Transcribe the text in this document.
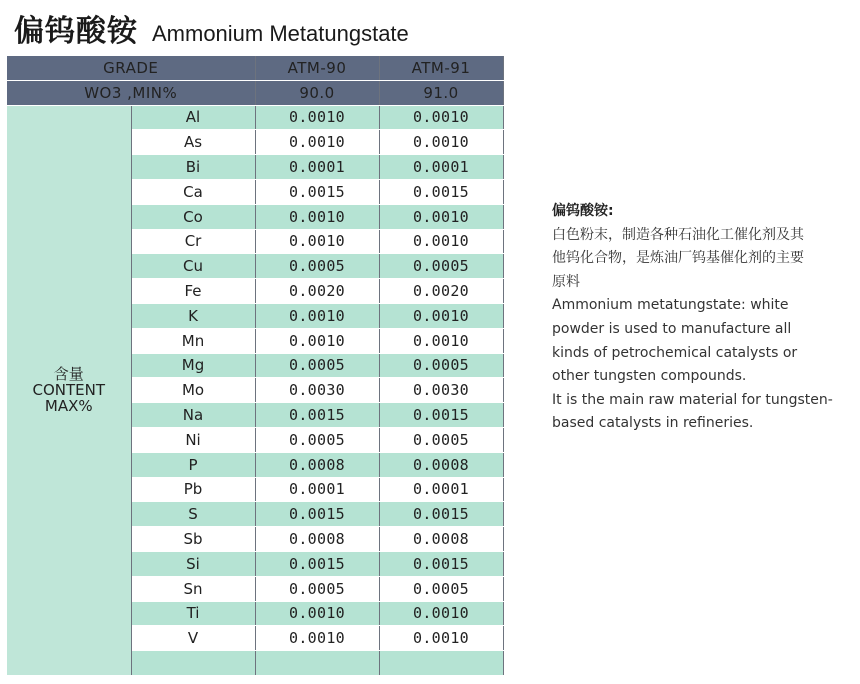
偏钨酸铵 Ammonium Metatungstate
GRADE		ATM-90	ATM-91
WO3 ,MIN%		90.0	91.0

含量
CONTENT
MAX%	Al	0.0010	0.0010
	As	0.0010	0.0010
	Bi	0.0001	0.0001
	Ca	0.0015	0.0015
	Co	0.0010	0.0010
	Cr	0.0010	0.0010
	Cu	0.0005	0.0005
	Fe	0.0020	0.0020
	K	0.0010	0.0010
	Mn	0.0010	0.0010
	Mg	0.0005	0.0005
	Mo	0.0030	0.0030
	Na	0.0015	0.0015
	Ni	0.0005	0.0005
	P	0.0008	0.0008
	Pb	0.0001	0.0001
	S	0.0015	0.0015
	Sb	0.0008	0.0008
	Si	0.0015	0.0015
	Sn	0.0005	0.0005
	Ti	0.0010	0.0010
	V	0.0010	0.0010

偏钨酸铵:

白色粉末，制造各种石油化工催化剂及其

他钨化合物，是炼油厂钨基催化剂的主要

原料

Ammonium metatungstate: white

powder is used to manufacture all

kinds of petrochemical catalysts or

other tungsten compounds.

It is the main raw material for tungsten-

based catalysts in refineries.
